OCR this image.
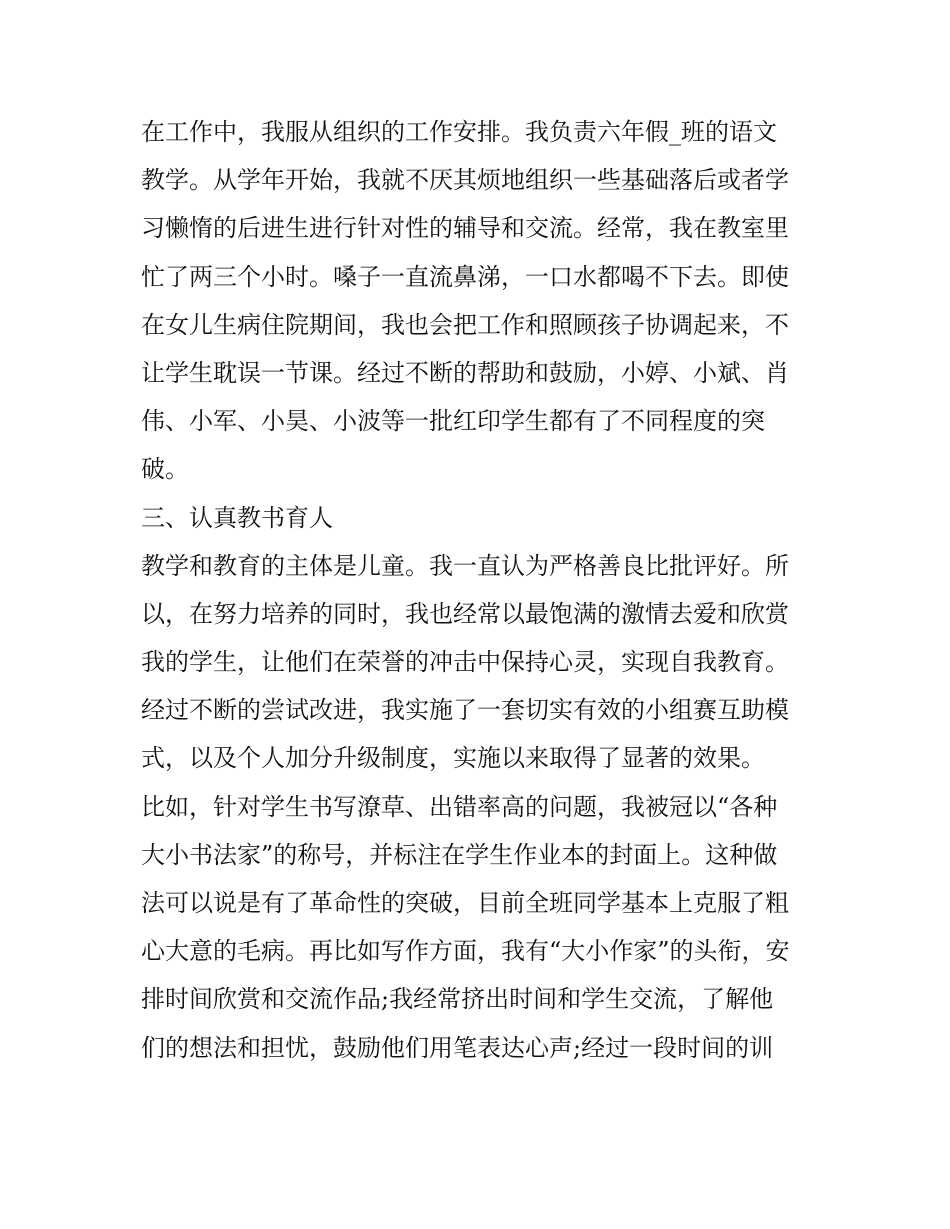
在工作中，我服从组织的工作安排。我负责六年假_班的语文
教学。从学年开始，我就不厌其烦地组织一些基础落后或者学
习懒惰的后进生进行针对性的辅导和交流。经常，我在教室里
忙了两三个小时。嗓子一直流鼻涕，一口水都喝不下去。即使
在女儿生病住院期间，我也会把工作和照顾孩子协调起来，不
让学生耽误一节课。经过不断的帮助和鼓励，小婷、小斌、肖
伟、小军、小昊、小波等一批红印学生都有了不同程度的突
破。
三、认真教书育人
教学和教育的主体是儿童。我一直认为严格善良比批评好。所
以，在努力培养的同时，我也经常以最饱满的激情去爱和欣赏
我的学生，让他们在荣誉的冲击中保持心灵，实现自我教育。
经过不断的尝试改进，我实施了一套切实有效的小组赛互助模
式，以及个人加分升级制度，实施以来取得了显著的效果。
比如，针对学生书写潦草、出错率高的问题，我被冠以“各种
大小书法家”的称号，并标注在学生作业本的封面上。这种做
法可以说是有了革命性的突破，目前全班同学基本上克服了粗
心大意的毛病。再比如写作方面，我有“大小作家”的头衔，安
排时间欣赏和交流作品;我经常挤出时间和学生交流，了解他
们的想法和担忧，鼓励他们用笔表达心声;经过一段时间的训
